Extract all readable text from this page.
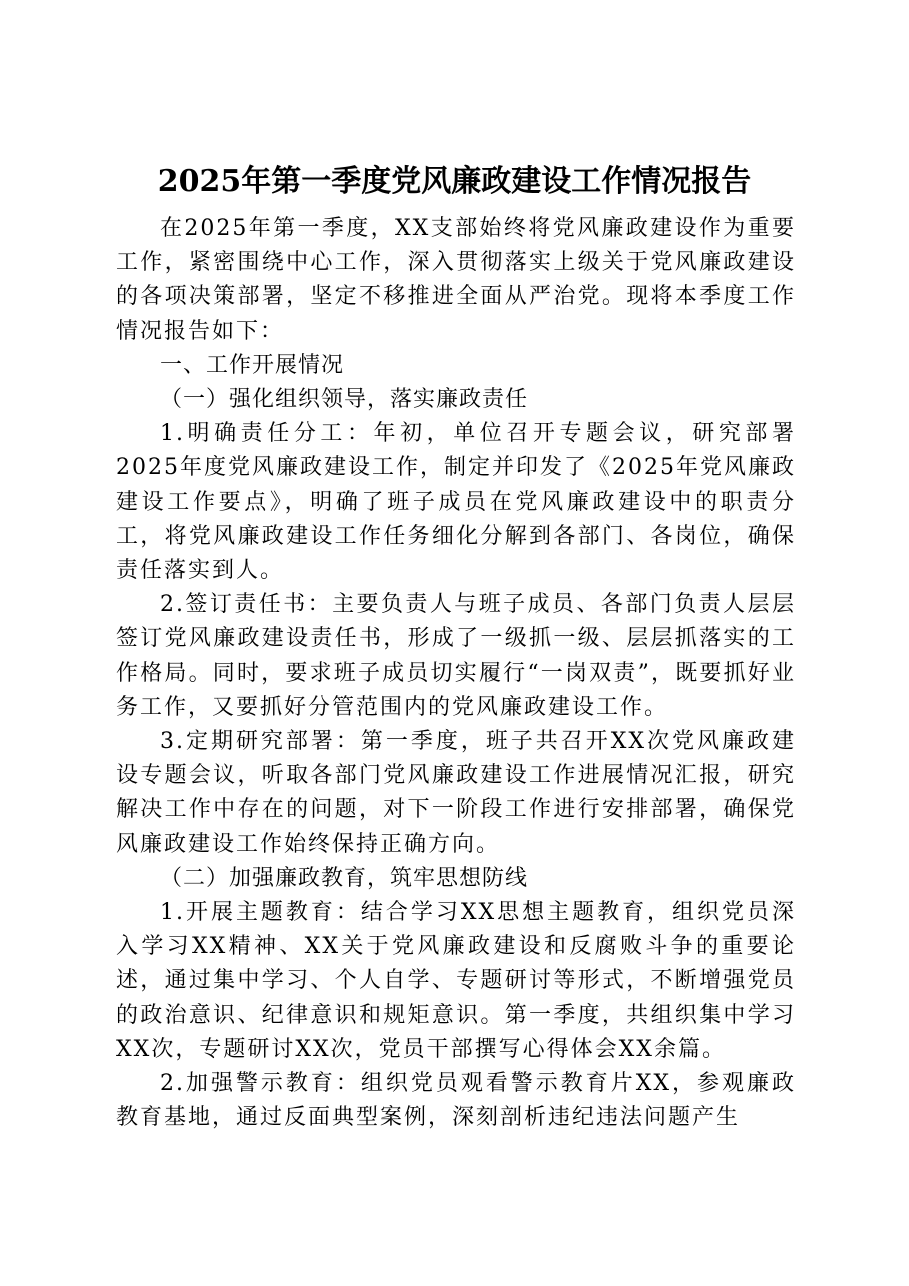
2025年第一季度党风廉政建设工作情况报告

在2025年第一季度，XX支部始终将党风廉政建设作为重要工作，紧密围绕中心工作，深入贯彻落实上级关于党风廉政建设的各项决策部署，坚定不移推进全面从严治党。现将本季度工作情况报告如下：

一、工作开展情况

（一）强化组织领导，落实廉政责任

1.明确责任分工：年初，单位召开专题会议，研究部署2025年度党风廉政建设工作，制定并印发了《2025年党风廉政建设工作要点》，明确了班子成员在党风廉政建设中的职责分工，将党风廉政建设工作任务细化分解到各部门、各岗位，确保责任落实到人。

2.签订责任书：主要负责人与班子成员、各部门负责人层层签订党风廉政建设责任书，形成了一级抓一级、层层抓落实的工作格局。同时，要求班子成员切实履行“一岗双责”，既要抓好业务工作，又要抓好分管范围内的党风廉政建设工作。

3.定期研究部署：第一季度，班子共召开XX次党风廉政建设专题会议，听取各部门党风廉政建设工作进展情况汇报，研究解决工作中存在的问题，对下一阶段工作进行安排部署，确保党风廉政建设工作始终保持正确方向。

（二）加强廉政教育，筑牢思想防线

1.开展主题教育：结合学习XX思想主题教育，组织党员深入学习XX精神、XX关于党风廉政建设和反腐败斗争的重要论述，通过集中学习、个人自学、专题研讨等形式，不断增强党员的政治意识、纪律意识和规矩意识。第一季度，共组织集中学习XX次，专题研讨XX次，党员干部撰写心得体会XX余篇。

2.加强警示教育：组织党员观看警示教育片XX，参观廉政教育基地，通过反面典型案例，深刻剖析违纪违法问题产生
